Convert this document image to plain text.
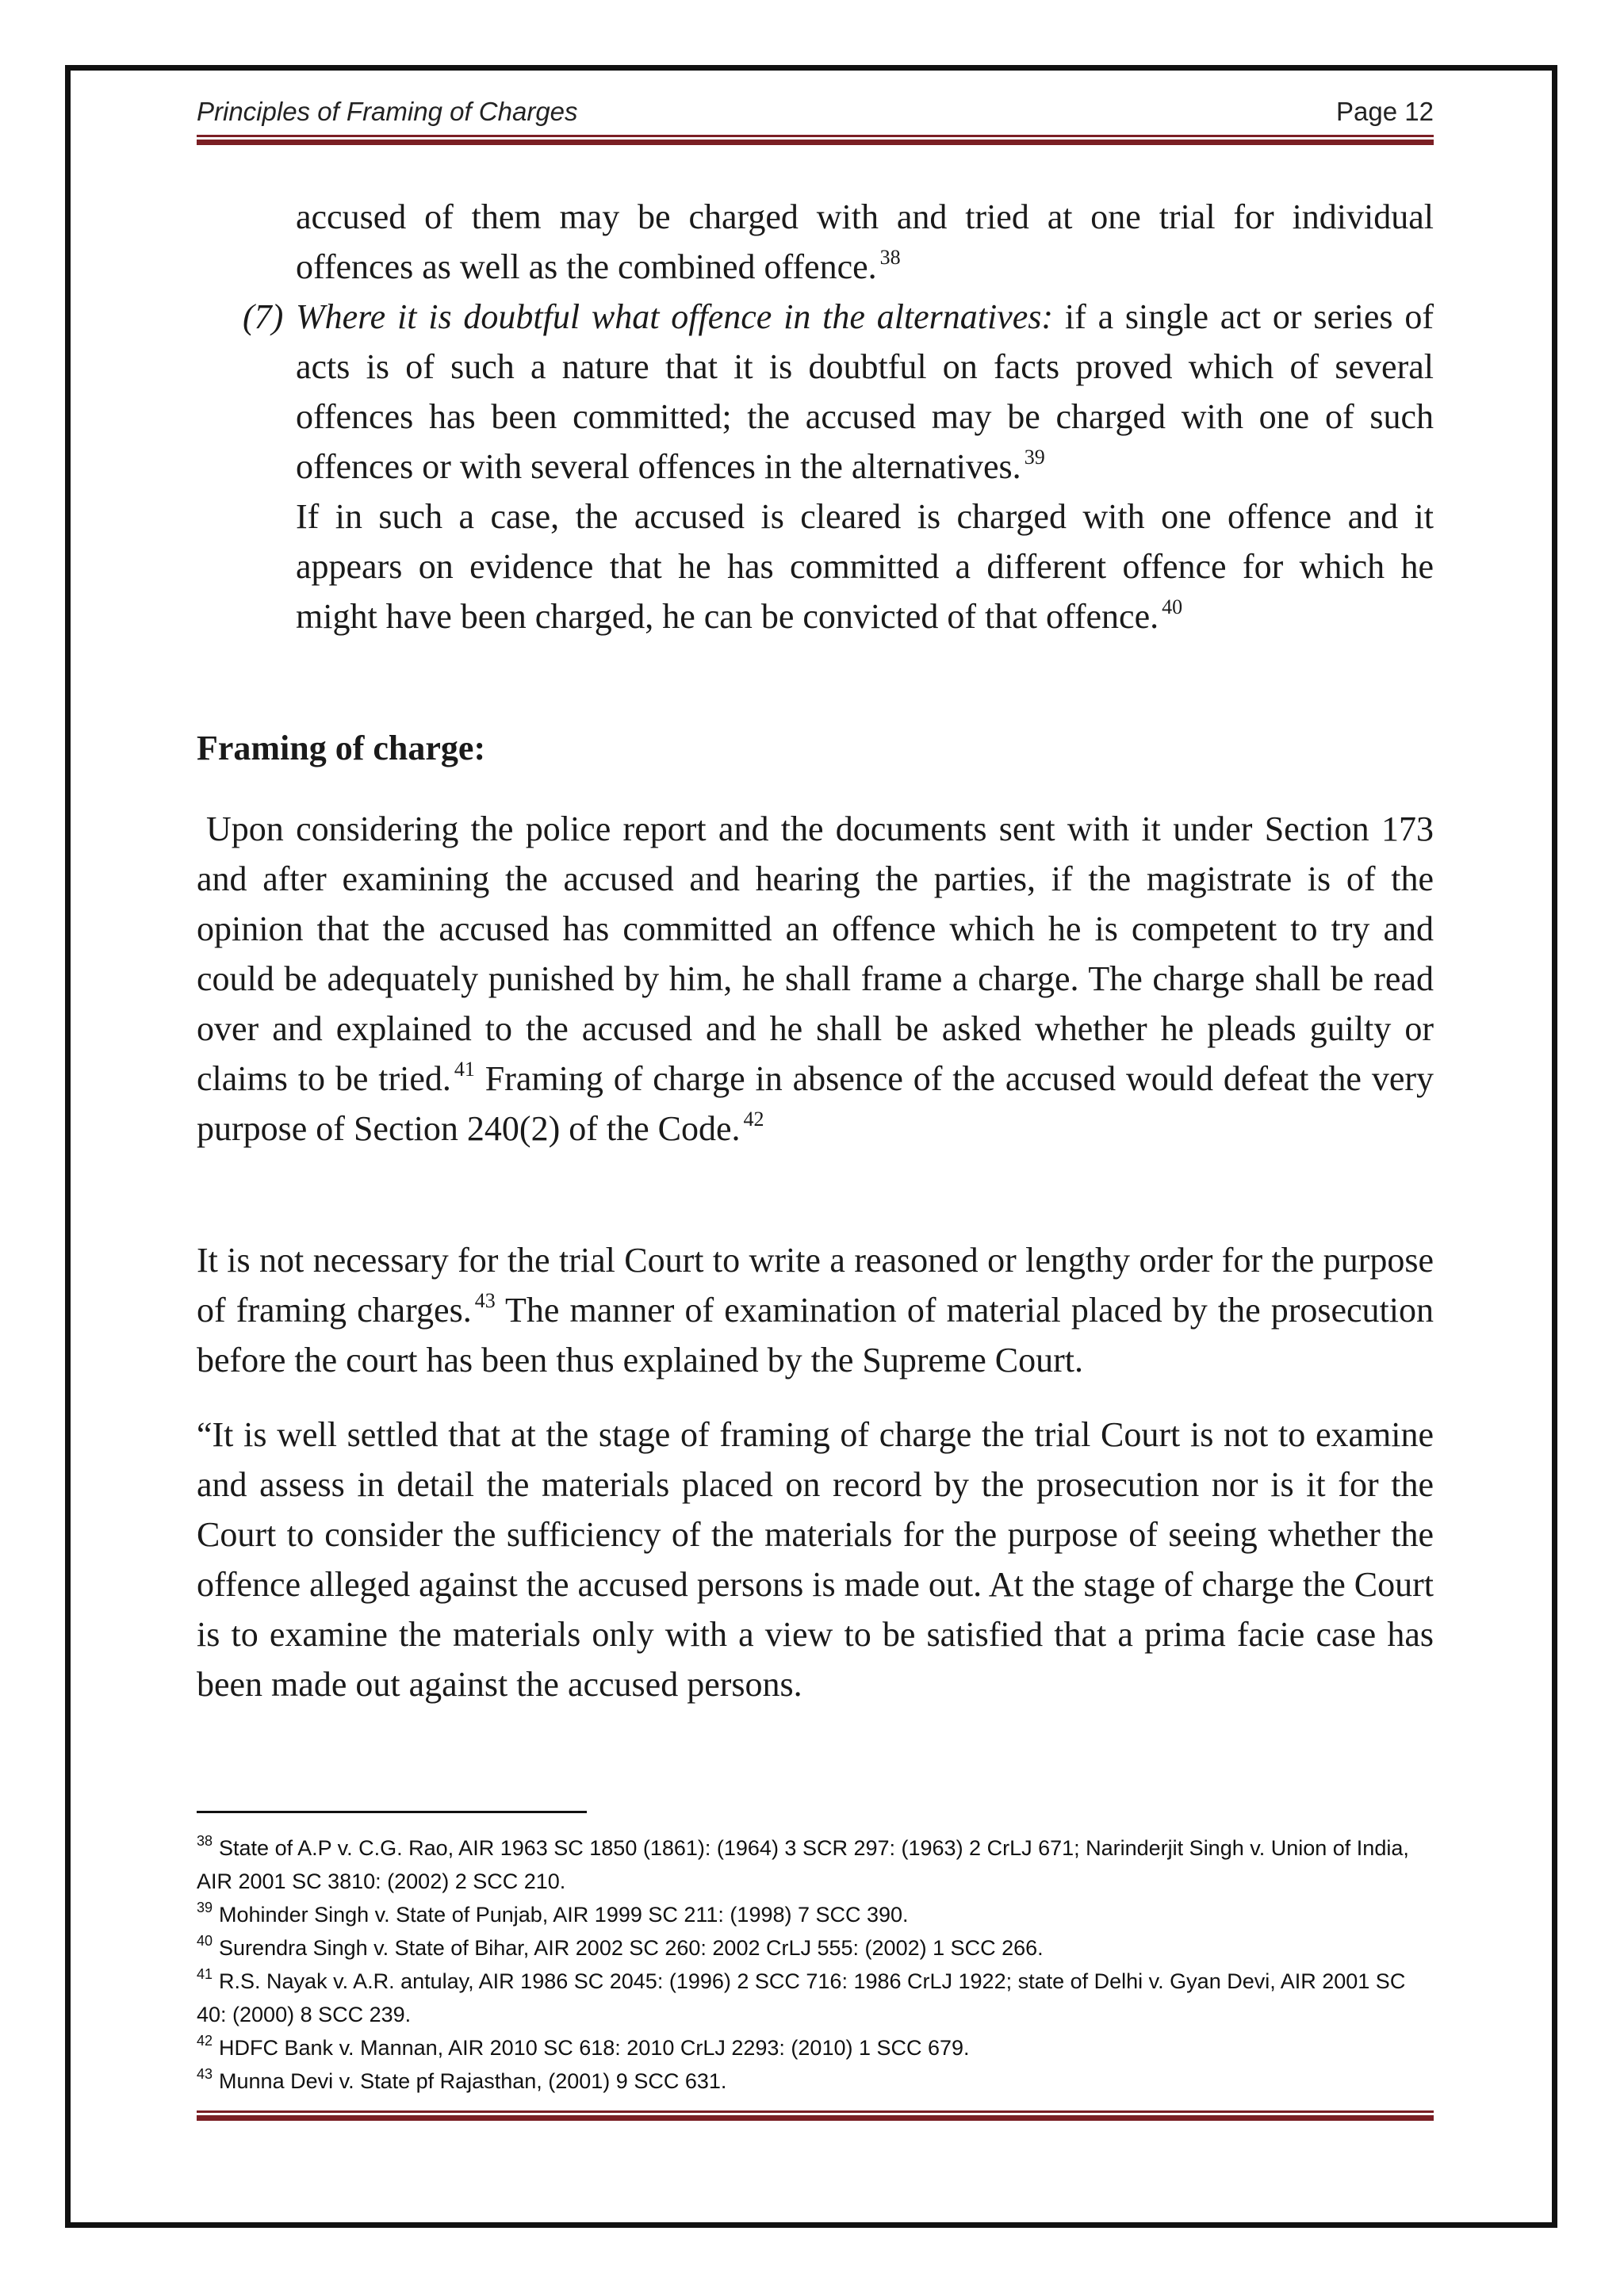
Principles of Framing of Charges	Page 12
accused of them may be charged with and tried at one trial for individual offences as well as the combined offence. $^{38}$
(7) Where it is doubtful what offence in the alternatives: if a single act or series of acts is of such a nature that it is doubtful on facts proved which of several offences has been committed; the accused may be charged with one of such offences or with several offences in the alternatives. $^{39}$

If in such a case, the accused is cleared is charged with one offence and it appears on evidence that he has committed a different offence for which he might have been charged, he can be convicted of that offence. $^{40}$

Framing of charge:
Upon considering the police report and the documents sent with it under Section 173 and after examining the accused and hearing the parties, if the magistrate is of the opinion that the accused has committed an offence which he is competent to try and could be adequately punished by him, he shall frame a charge. The charge shall be read over and explained to the accused and he shall be asked whether he pleads guilty or claims to be tried. $^{41}$ Framing of charge in absence of the accused would defeat the very purpose of Section 240(2) of the Code. $^{42}$
It is not necessary for the trial Court to write a reasoned or lengthy order for the purpose of framing charges. $^{43}$ The manner of examination of material placed by the prosecution before the court has been thus explained by the Supreme Court.
“It is well settled that at the stage of framing of charge the trial Court is not to examine and assess in detail the materials placed on record by the prosecution nor is it for the Court to consider the sufficiency of the materials for the purpose of seeing whether the offence alleged against the accused persons is made out. At the stage of charge the Court is to examine the materials only with a view to be satisfied that a prima facie case has been made out against the accused persons.
$^{38}$ State of A.P v. C.G. Rao, AIR 1963 SC 1850 (1861): (1964) 3 SCR 297: (1963) 2 CrLJ 671; Narinderjit Singh v. Union of India, AIR 2001 SC 3810: (2002) 2 SCC 210.
$^{39}$ Mohinder Singh v. State of Punjab, AIR 1999 SC 211: (1998) 7 SCC 390.
$^{40}$ Surendra Singh v. State of Bihar, AIR 2002 SC 260: 2002 CrLJ 555: (2002) 1 SCC 266.
$^{41}$ R.S. Nayak v. A.R. antulay, AIR 1986 SC 2045: (1996) 2 SCC 716: 1986 CrLJ 1922; state of Delhi v. Gyan Devi, AIR 2001 SC 40: (2000) 8 SCC 239.
$^{42}$ HDFC Bank v. Mannan, AIR 2010 SC 618: 2010 CrLJ 2293: (2010) 1 SCC 679.
$^{43}$ Munna Devi v. State pf Rajasthan, (2001) 9 SCC 631.
